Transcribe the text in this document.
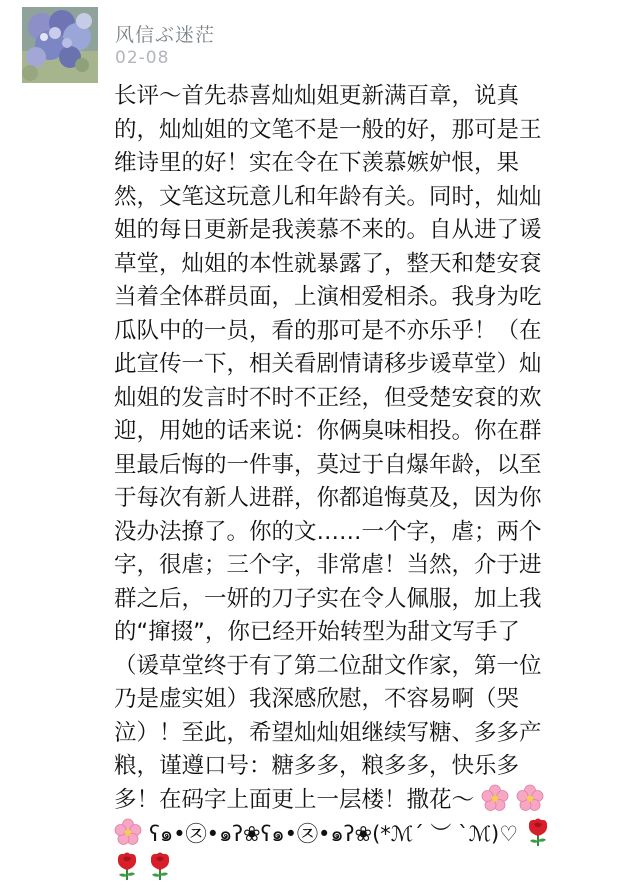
风信ぶ迷茫
02-08
长评～首先恭喜灿灿姐更新满百章，说真
的，灿灿姐的文笔不是一般的好，那可是王
维诗里的好！实在令在下羡慕嫉妒恨，果
然，文笔这玩意儿和年龄有关。同时，灿灿
姐的每日更新是我羡慕不来的。自从进了谖
草堂，灿姐的本性就暴露了，整天和楚安袞
当着全体群员面，上演相爱相杀。我身为吃
瓜队中的一员，看的那可是不亦乐乎！（在
此宣传一下，相关看剧情请移步谖草堂）灿
灿姐的发言时不时不正经，但受楚安袞的欢
迎，用她的话来说：你俩臭味相投。你在群
里最后悔的一件事，莫过于自爆年龄，以至
于每次有新人进群，你都追悔莫及，因为你
没办法撩了。你的文……一个字，虐；两个
字，很虐；三个字，非常虐！当然，介于进
群之后，一妍的刀子实在令人佩服，加上我
的“撺掇”，你已经开始转型为甜文写手了
（谖草堂终于有了第二位甜文作家，第一位
乃是虚实姐）我深感欣慰，不容易啊（哭
泣）！至此，希望灿灿姐继续写糖、多多产
粮，谨遵口号：糖多多，粮多多，快乐多
多！在码字上面更上一层楼！撒花～
ʕ๑•㉨•๑ʔ❀ʕ๑•㉨•๑ʔ❀(*ℳ´ ︶ `ℳ)♡
